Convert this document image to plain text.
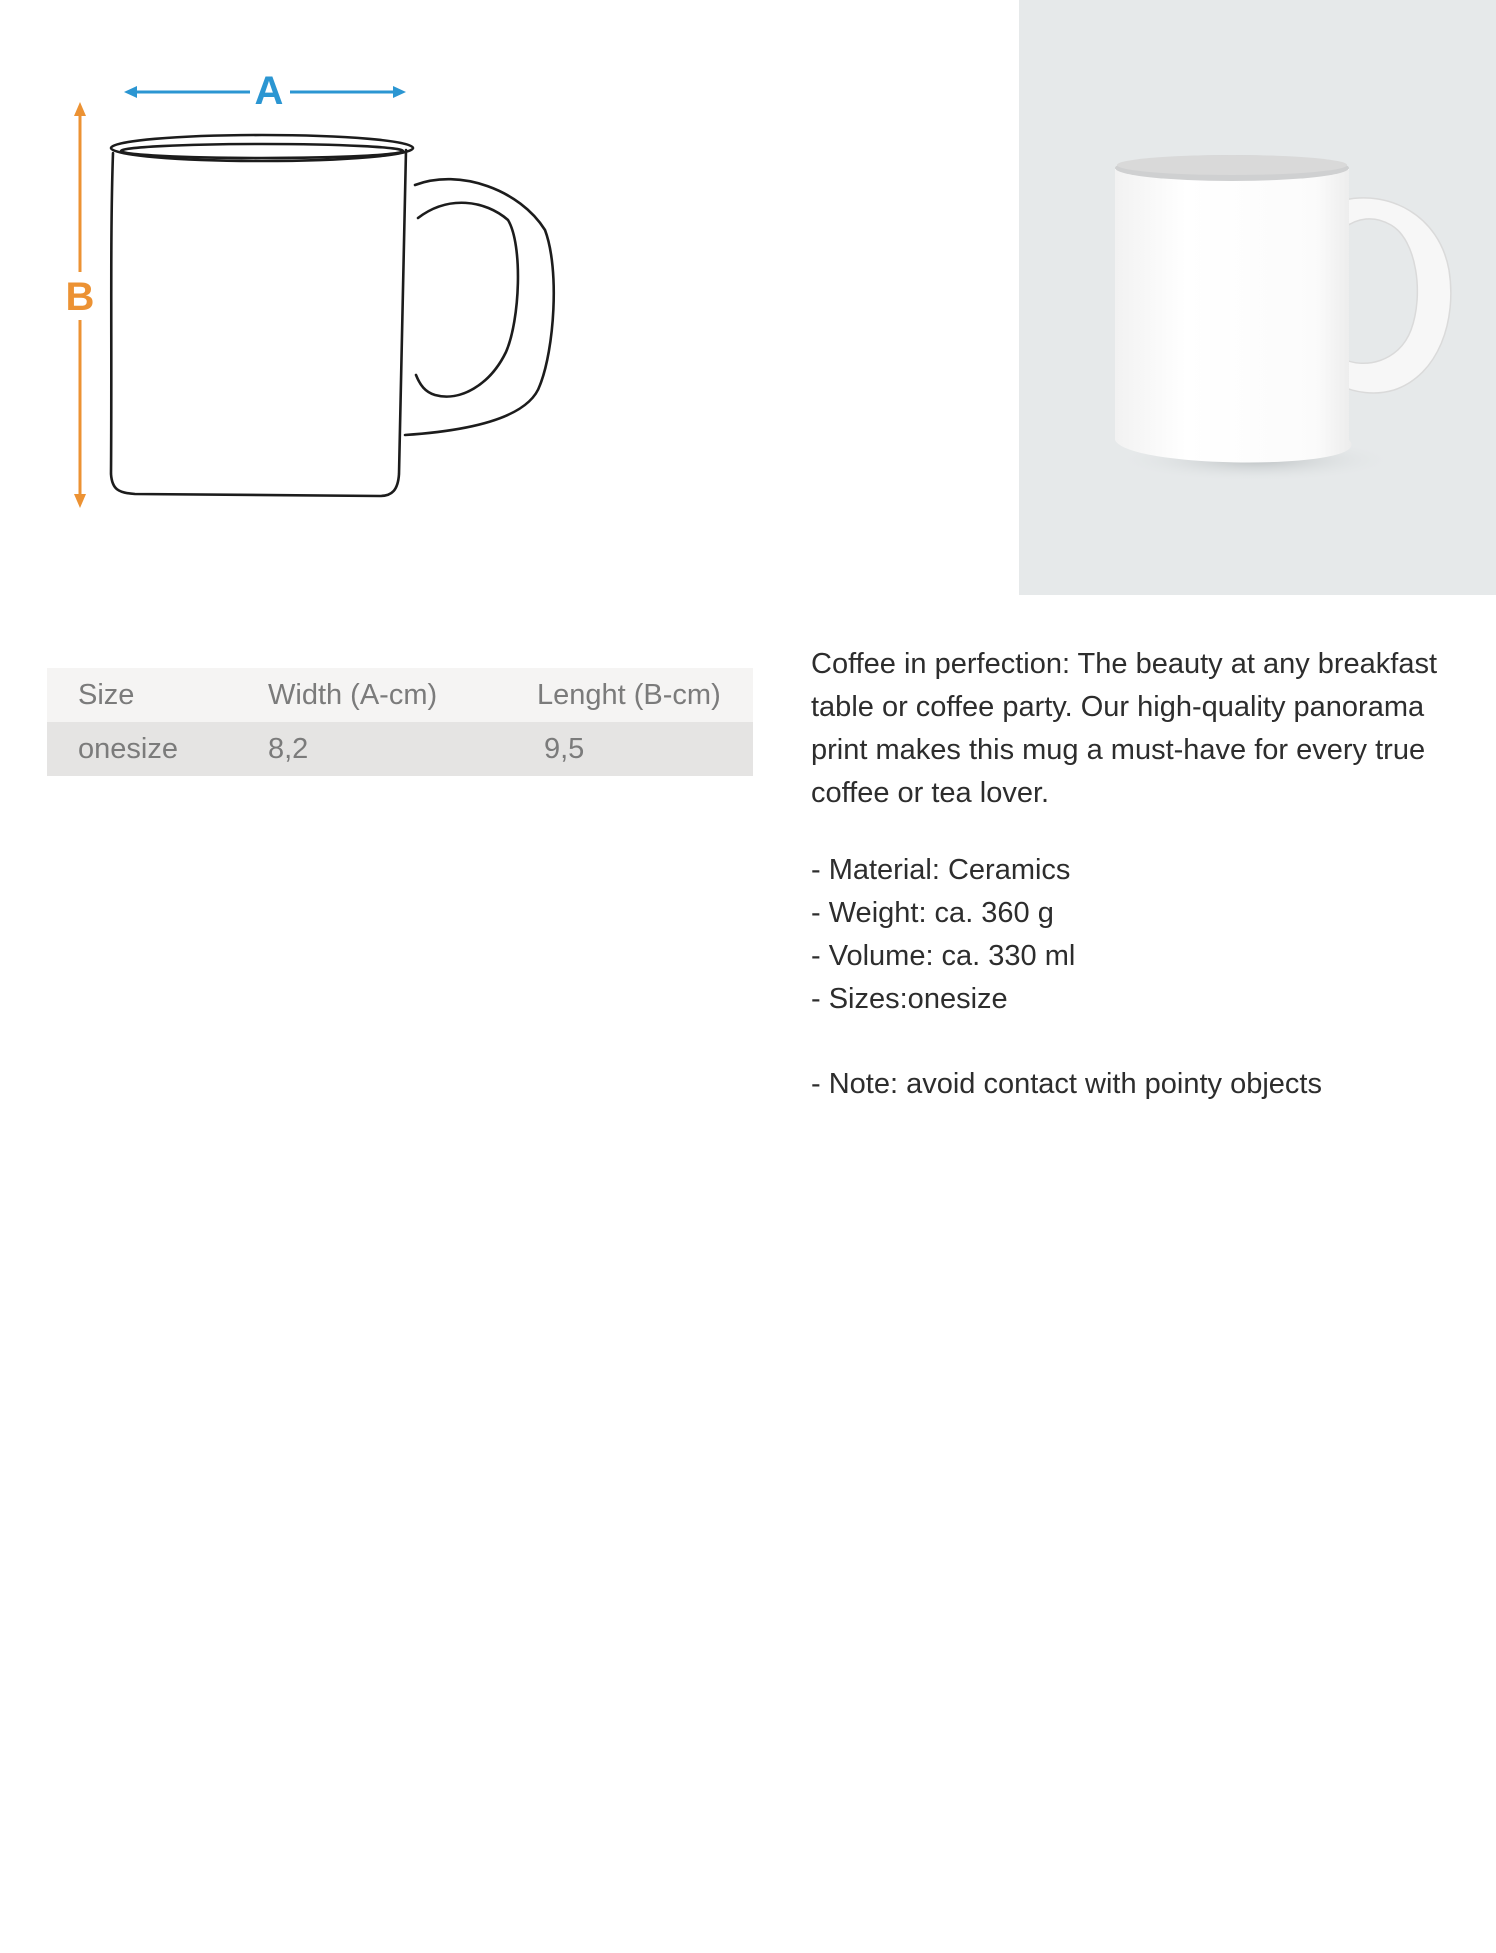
A
B
Size	Width (A-cm)	Lenght (B-cm)
onesize	8,2	9,5

Coffee in perfection: The beauty at any breakfast table or coffee party. Our high-quality panorama print makes this mug a must-have for every true coffee or tea lover.

- Material: Ceramics
- Weight: ca. 360 g
- Volume: ca. 330 ml
- Sizes:onesize
- Note: avoid contact with pointy objects
